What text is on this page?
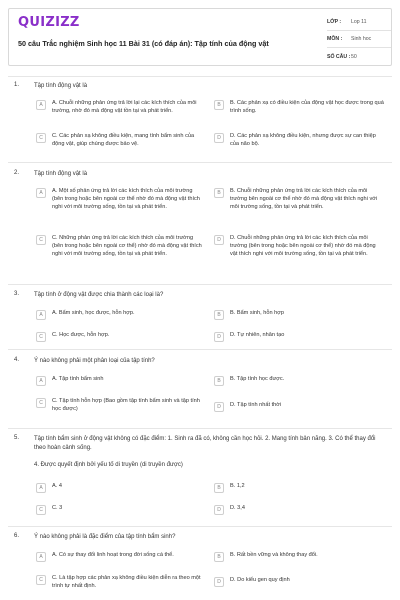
QUIZIZZ
50 câu Trắc nghiệm Sinh học 11 Bài 31 (có đáp án): Tập tính của động vật
LỚP :	Lop 11
MÔN :	Sinh hoc
SỐ CÂU : 50
1. Tập tính động vật là
A	A. Chuỗi những phản ứng trả lời lại các kích thích của môi trường, nhờ đó mà động vật tồn tại và phát triển.
B	B. Các phản xạ có điều kiện của động vật học được trong quá trình sống.
C	C. Các phản xạ không điều kiện, mang tính bẩm sinh của động vật, giúp chúng được bảo vệ.
D	D. Các phản xạ không điều kiện, nhưng được sự can thiệp của não bộ.
2. Tập tính động vật là
A	A. Một số phản ứng trả lời các kích thích của môi trường (bên trong hoặc bên ngoài cơ thể nhờ đó mà động vật thích nghi với môi trường sống, tồn tại và phát triển.
B	B. Chuỗi những phản ứng trả lời các kích thích của môi trường bên ngoài cơ thể nhờ đó mà động vật thích nghi với môi trường sống, tồn tại và phát triển.
C	C. Những phản ứng trả lời các kích thích của môi trường (bên trong hoặc bên ngoài cơ thể) nhờ đó mà động vật thích nghi với môi trường sống, tồn tại và phát triển.
D	D. Chuỗi những phản ứng trả lời các kích thích của môi trường (bên trong hoặc bên ngoài cơ thể) nhờ đó mà động vật thích nghi với môi trường sống, tồn tại và phát triển.
3. Tập tính ở động vật được chia thành các loại là?
A	A. Bẩm sinh, học được, hỗn hợp.	B	B. Bẩm sinh, hỗn hợp
C	C. Học được, hỗn hợp.	D	D. Tự nhiên, nhân tạo
4. Ý nào không phải một phân loại của tập tính?
A	A. Tập tính bẩm sinh	B	B. Tập tính học được.
C	C. Tập tính hỗn hợp (Bao gồm tập tính bẩm sinh và tập tính học được)	D	D. Tập tính nhất thời
5. Tập tính bẩm sinh ở động vật không có đặc điểm: 1. Sinh ra đã có, không cần học hỏi. 2. Mang tính bản năng. 3. Có thể thay đổi theo hoàn cảnh sống.
4. Được quyết định bởi yếu tố di truyền (di truyền được)
A	A. 4	B	B. 1,2
C	C. 3	D	D. 3,4
6. Ý nào không phải là đặc điểm của tập tính bẩm sinh?
A	A. Có sự thay đổi linh hoạt trong đời sống cá thể.	B	B. Rất bền vững và không thay đổi.
C	C. Là tập hợp các phản xạ không điều kiện diễn ra theo một trình tự nhất định.
D	D. Do kiểu gen quy định
